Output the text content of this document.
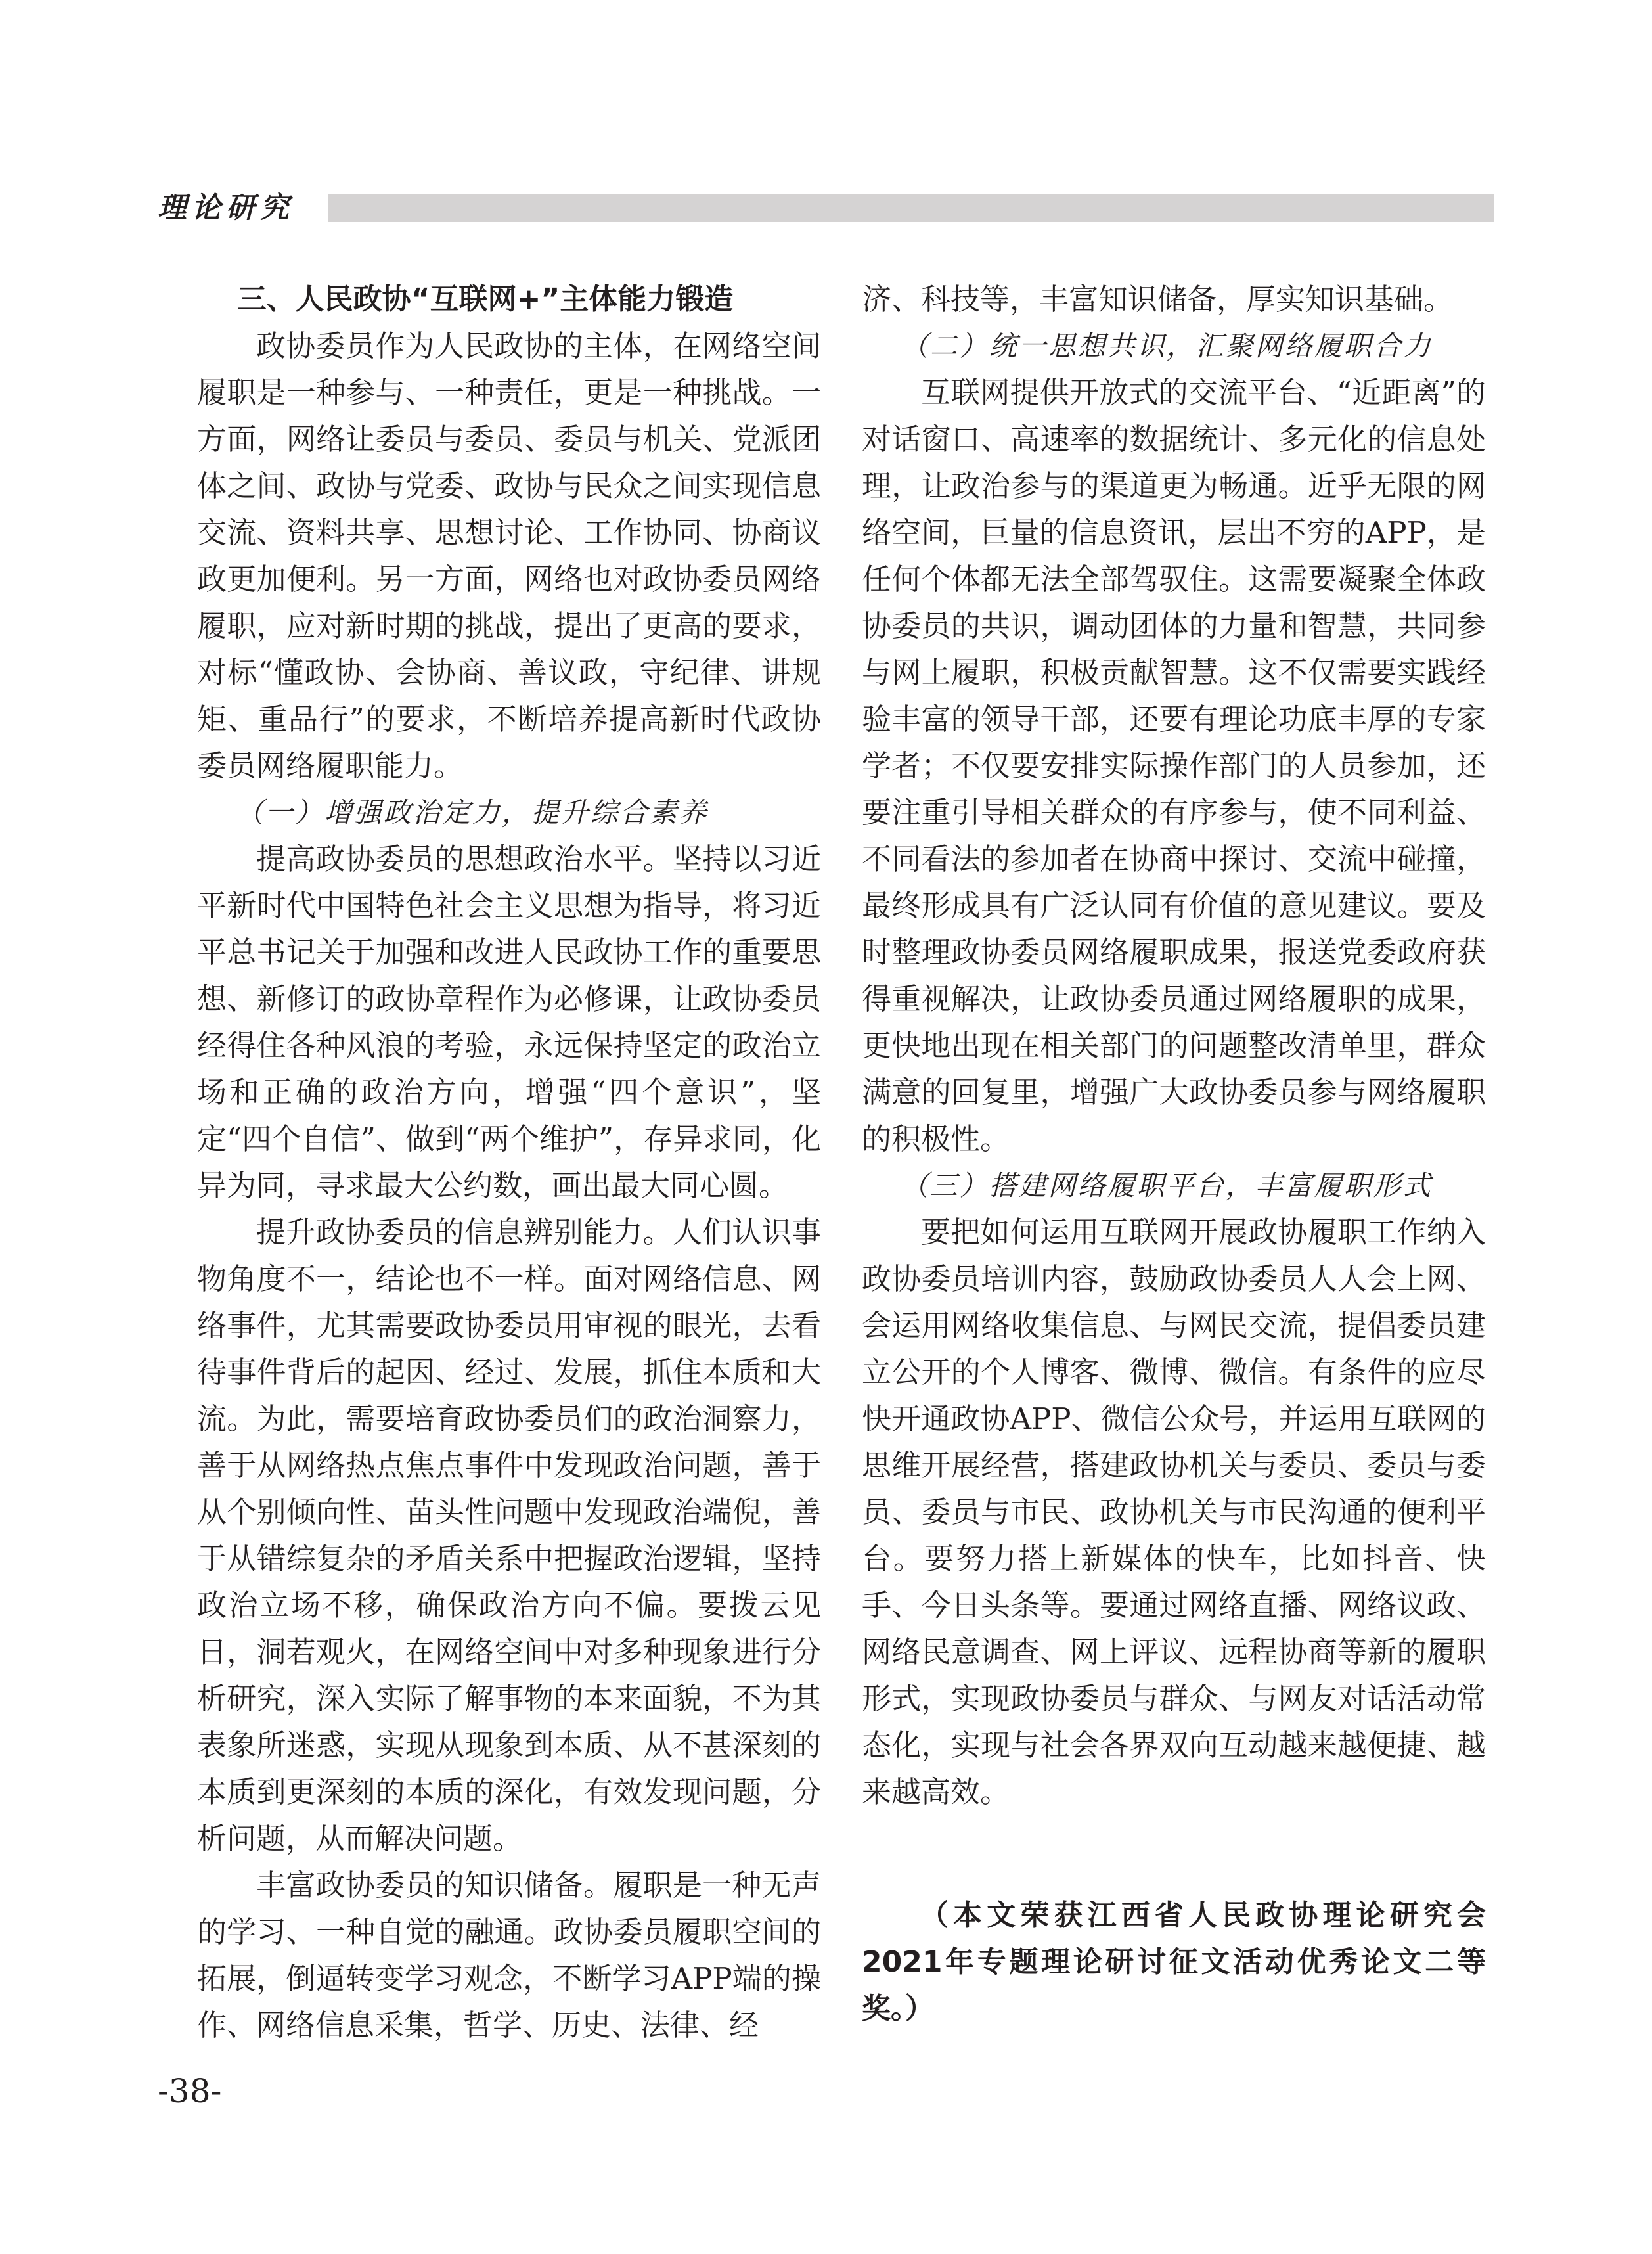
理论研究

三、人民政协“互联网+”主体能力锻造

政协委员作为人民政协的主体，在网络空间履职是一种参与、一种责任，更是一种挑战。一方面，网络让委员与委员、委员与机关、党派团体之间、政协与党委、政协与民众之间实现信息交流、资料共享、思想讨论、工作协同、协商议政更加便利。另一方面，网络也对政协委员网络履职，应对新时期的挑战，提出了更高的要求，对标“懂政协、会协商、善议政，守纪律、讲规矩、重品行”的要求，不断培养提高新时代政协委员网络履职能力。

（一）增强政治定力，提升综合素养

提高政协委员的思想政治水平。坚持以习近平新时代中国特色社会主义思想为指导，将习近平总书记关于加强和改进人民政协工作的重要思想、新修订的政协章程作为必修课，让政协委员经得住各种风浪的考验，永远保持坚定的政治立场和正确的政治方向，增强“四个意识”，坚定“四个自信”、做到“两个维护”，存异求同，化异为同，寻求最大公约数，画出最大同心圆。

提升政协委员的信息辨别能力。人们认识事物角度不一，结论也不一样。面对网络信息、网络事件，尤其需要政协委员用审视的眼光，去看待事件背后的起因、经过、发展，抓住本质和大流。为此，需要培育政协委员们的政治洞察力，善于从网络热点焦点事件中发现政治问题，善于从个别倾向性、苗头性问题中发现政治端倪，善于从错综复杂的矛盾关系中把握政治逻辑，坚持政治立场不移，确保政治方向不偏。要拨云见日，洞若观火，在网络空间中对多种现象进行分析研究，深入实际了解事物的本来面貌，不为其表象所迷惑，实现从现象到本质、从不甚深刻的本质到更深刻的本质的深化，有效发现问题，分析问题，从而解决问题。

丰富政协委员的知识储备。履职是一种无声的学习、一种自觉的融通。政协委员履职空间的拓展，倒逼转变学习观念，不断学习APP端的操作、网络信息采集，哲学、历史、法律、经

济、科技等，丰富知识储备，厚实知识基础。

（二）统一思想共识，汇聚网络履职合力

互联网提供开放式的交流平台、“近距离”的对话窗口、高速率的数据统计、多元化的信息处理，让政治参与的渠道更为畅通。近乎无限的网络空间，巨量的信息资讯，层出不穷的APP，是任何个体都无法全部驾驭住。这需要凝聚全体政协委员的共识，调动团体的力量和智慧，共同参与网上履职，积极贡献智慧。这不仅需要实践经验丰富的领导干部，还要有理论功底丰厚的专家学者；不仅要安排实际操作部门的人员参加，还要注重引导相关群众的有序参与，使不同利益、不同看法的参加者在协商中探讨、交流中碰撞，最终形成具有广泛认同有价值的意见建议。要及时整理政协委员网络履职成果，报送党委政府获得重视解决，让政协委员通过网络履职的成果，更快地出现在相关部门的问题整改清单里，群众满意的回复里，增强广大政协委员参与网络履职的积极性。

（三）搭建网络履职平台，丰富履职形式

要把如何运用互联网开展政协履职工作纳入政协委员培训内容，鼓励政协委员人人会上网、会运用网络收集信息、与网民交流，提倡委员建立公开的个人博客、微博、微信。有条件的应尽快开通政协APP、微信公众号，并运用互联网的思维开展经营，搭建政协机关与委员、委员与委员、委员与市民、政协机关与市民沟通的便利平台。要努力搭上新媒体的快车，比如抖音、快手、今日头条等。要通过网络直播、网络议政、网络民意调查、网上评议、远程协商等新的履职形式，实现政协委员与群众、与网友对话活动常态化，实现与社会各界双向互动越来越便捷、越来越高效。

（本文荣获江西省人民政协理论研究会2021年专题理论研讨征文活动优秀论文二等奖。）

-38-
